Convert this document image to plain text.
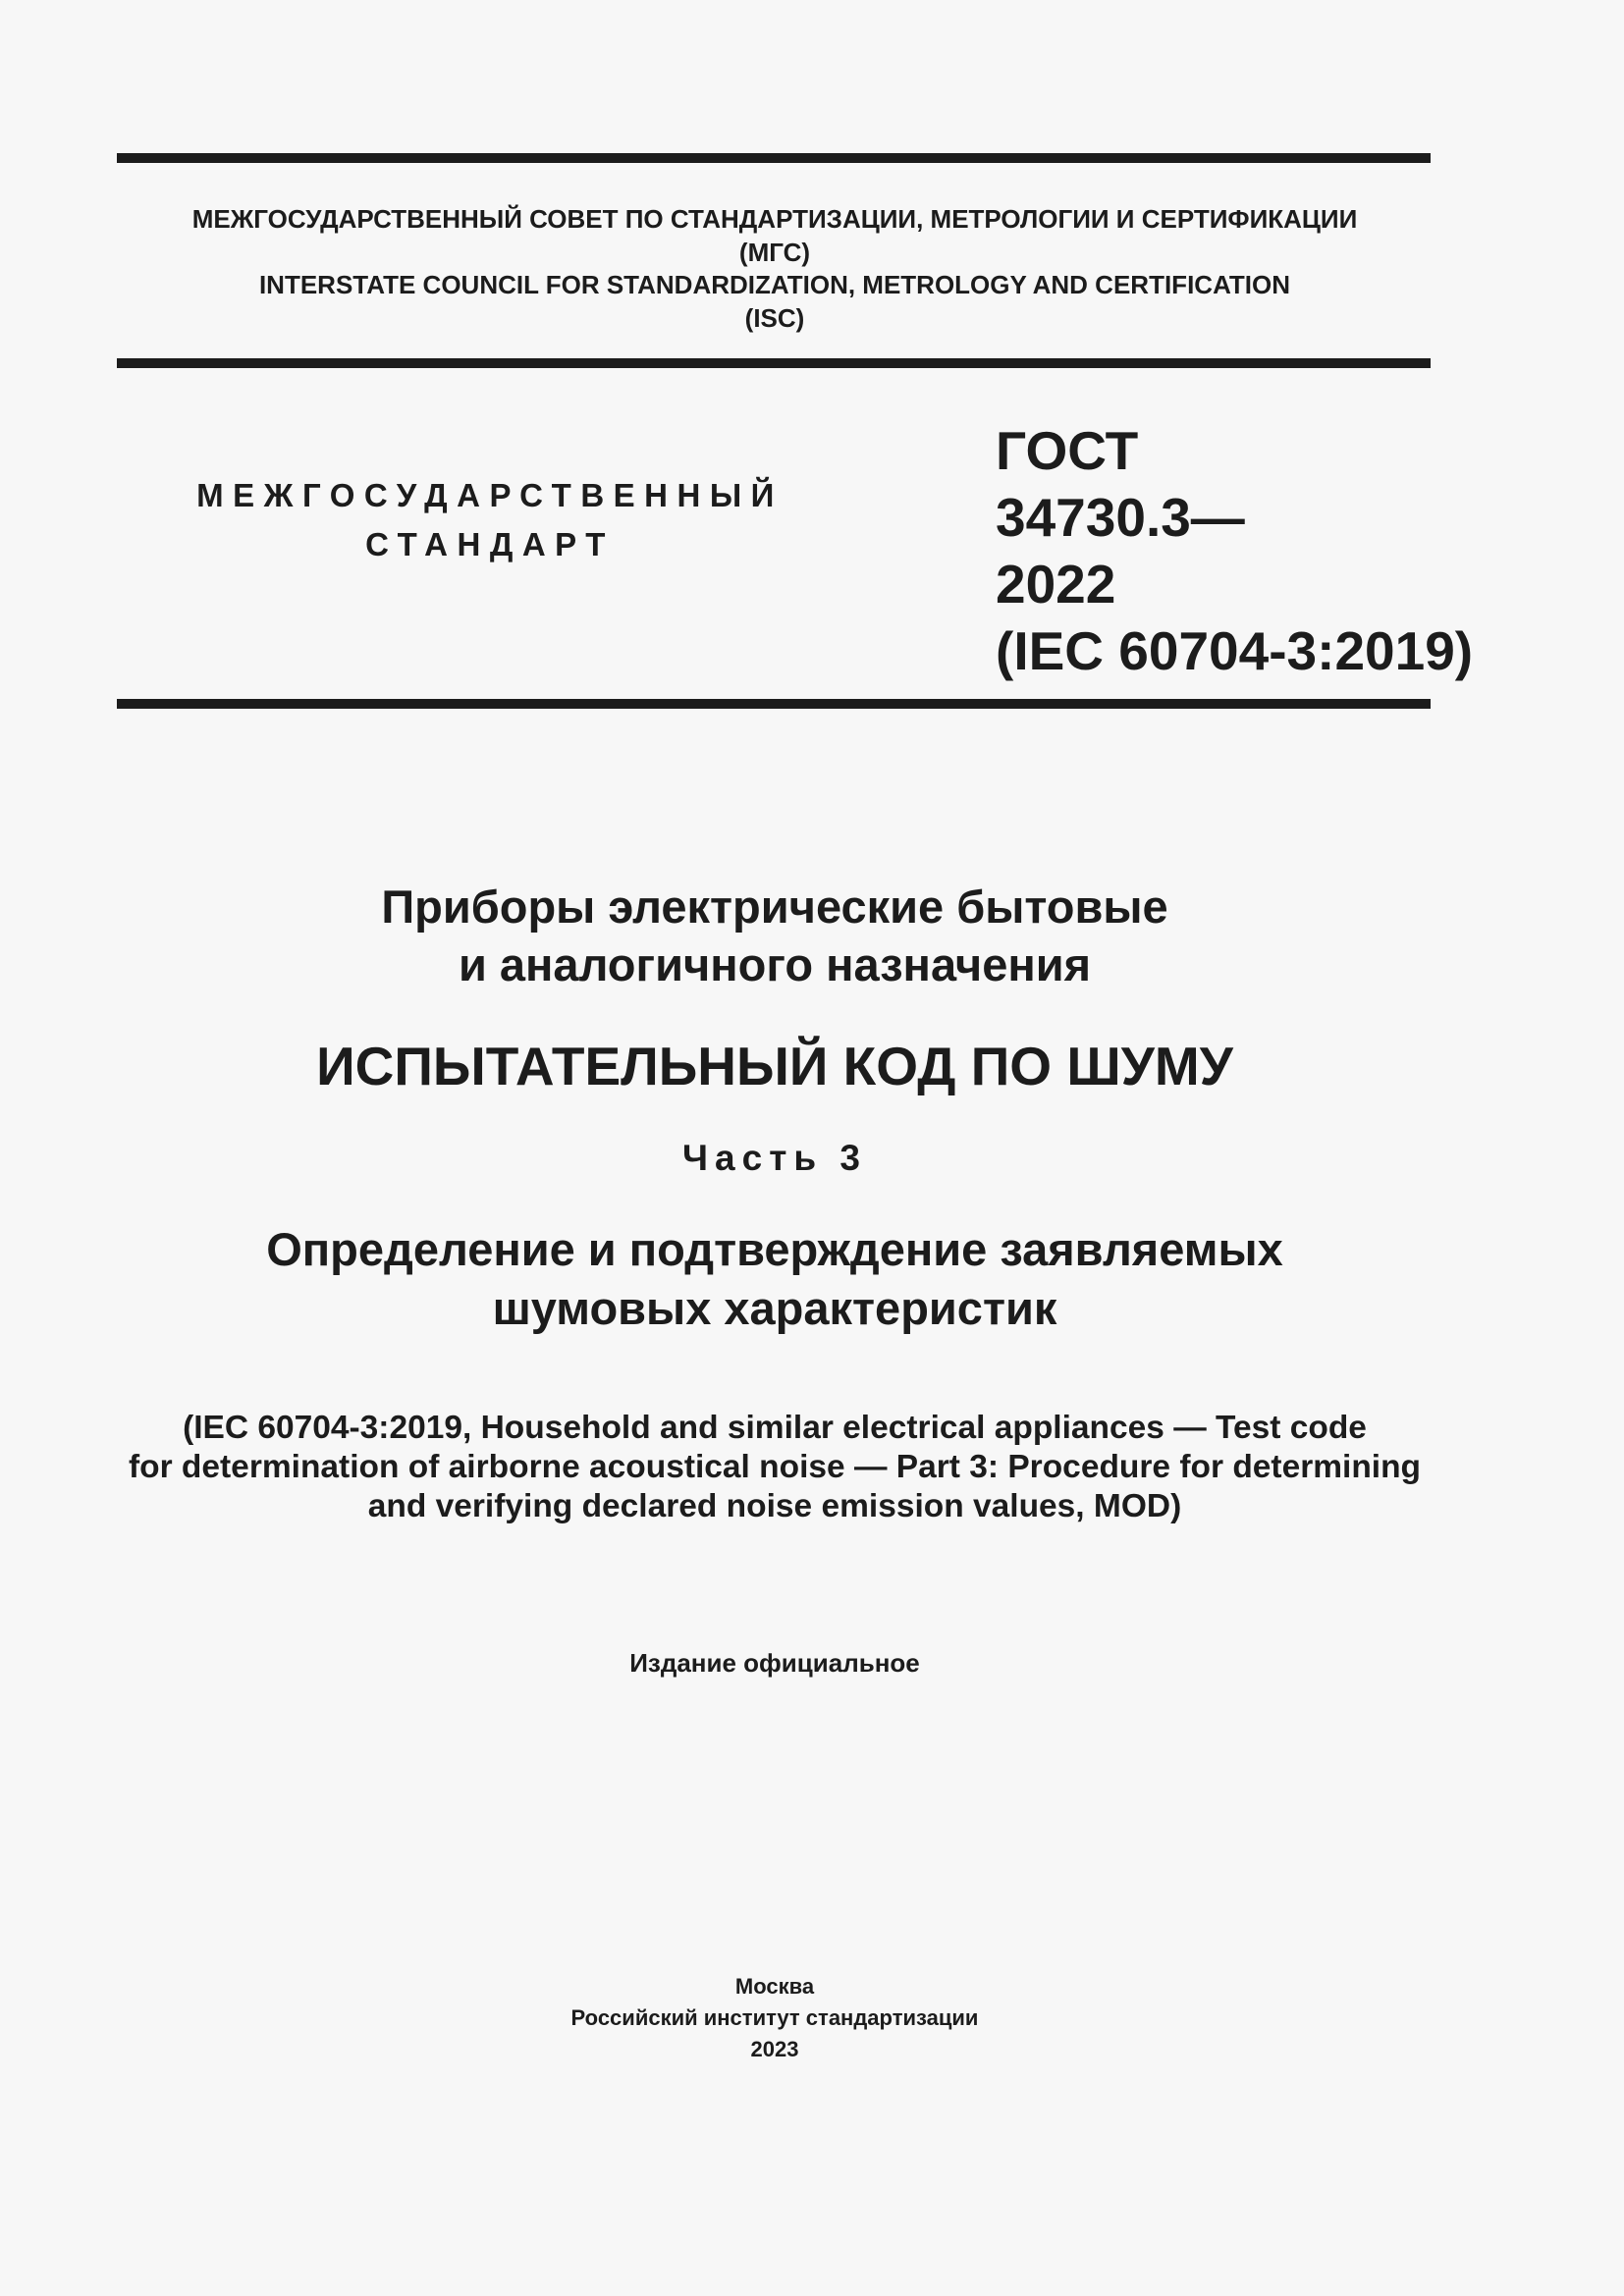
МЕЖГОСУДАРСТВЕННЫЙ СОВЕТ ПО СТАНДАРТИЗАЦИИ, МЕТРОЛОГИИ И СЕРТИФИКАЦИИ
(МГС)
INTERSTATE COUNCIL FOR STANDARDIZATION, METROLOGY AND CERTIFICATION
(ISC)
МЕЖГОСУДАРСТВЕННЫЙ
СТАНДАРТ
ГОСТ
34730.3—
2022
(IEC 60704-3:2019)
Приборы электрические бытовые
и аналогичного назначения
ИСПЫТАТЕЛЬНЫЙ КОД ПО ШУМУ
Часть 3
Определение и подтверждение заявляемых
шумовых характеристик
(IEC 60704-3:2019, Household and similar electrical appliances — Test code
for determination of airborne acoustical noise — Part 3: Procedure for determining
and verifying declared noise emission values, MOD)
Издание официальное
Москва
Российский институт стандартизации
2023
